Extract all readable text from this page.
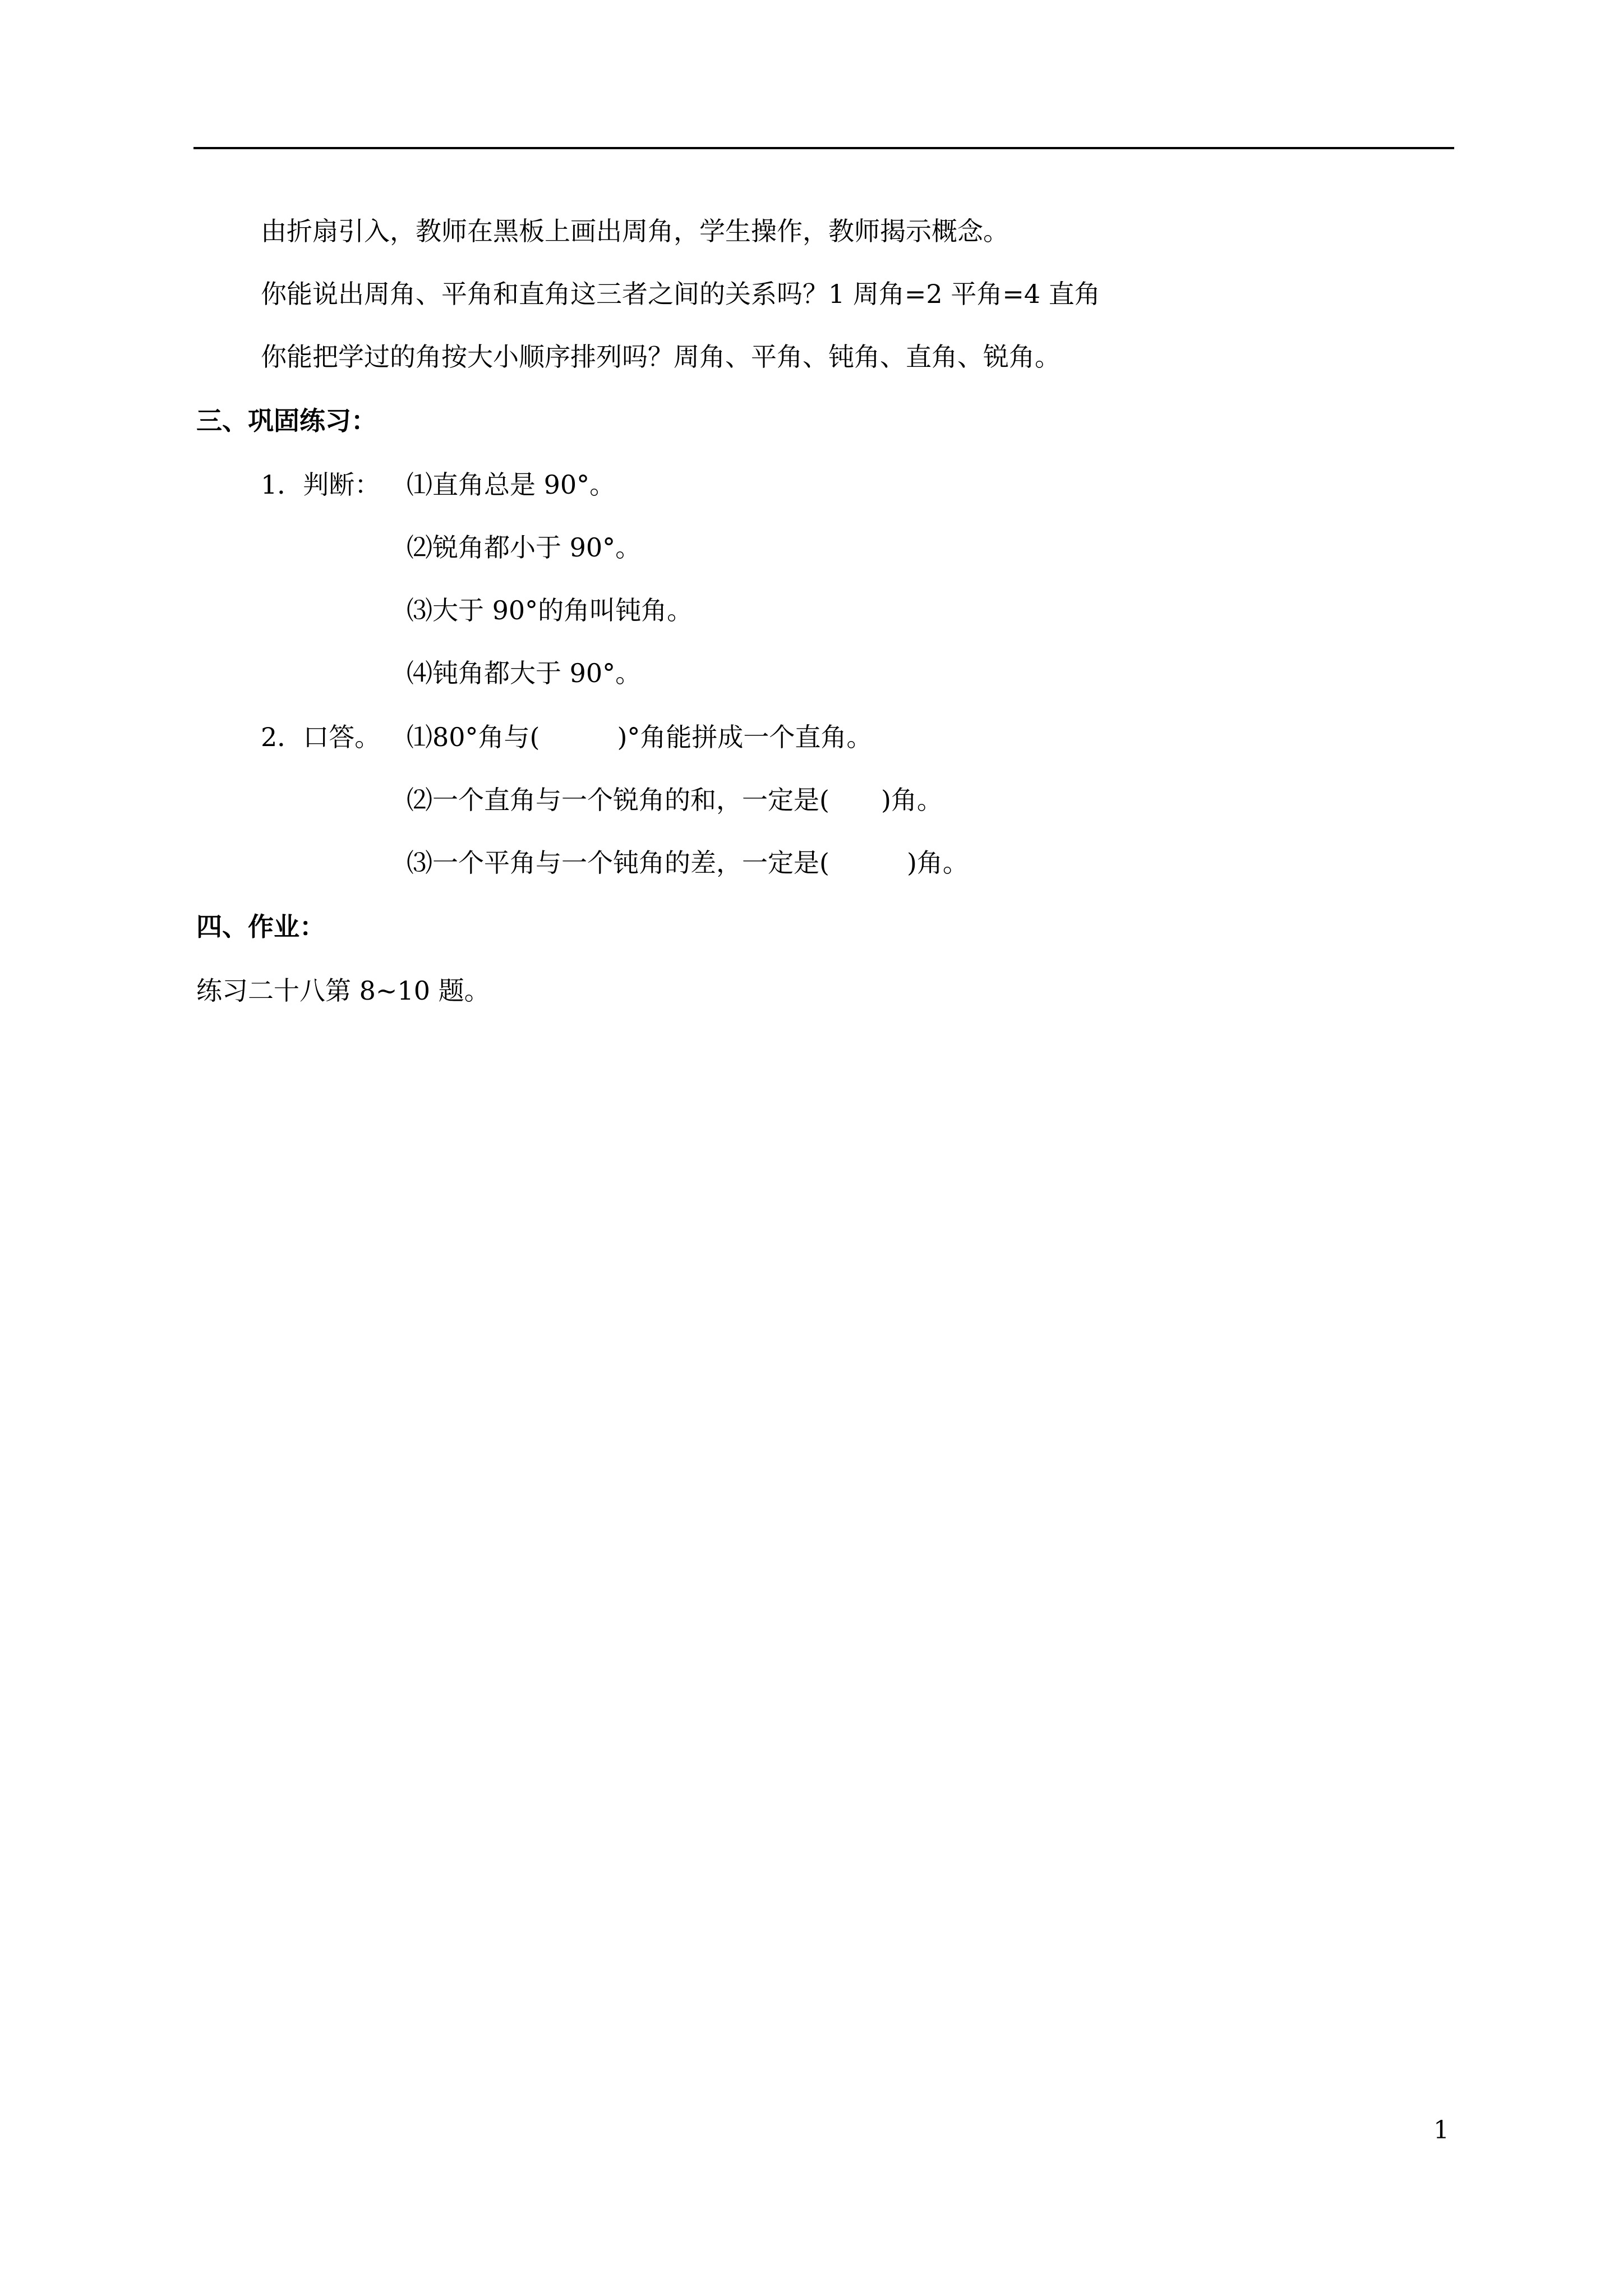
由折扇引入，教师在黑板上画出周角，学生操作，教师揭示概念。
你能说出周角、平角和直角这三者之间的关系吗？1 周角=2 平角=4 直角
你能把学过的角按大小顺序排列吗？周角、平角、钝角、直角、锐角。
三、巩固练习：
1．判断： ⑴直角总是 90°。
⑵锐角都小于 90°。
⑶大于 90°的角叫钝角。
⑷钝角都大于 90°。
2．口答。 ⑴80°角与(　　　)°角能拼成一个直角。
⑵一个直角与一个锐角的和，一定是(　　)角。
⑶一个平角与一个钝角的差，一定是(　　　)角。
四、作业：
练习二十八第 8~10 题。
1
